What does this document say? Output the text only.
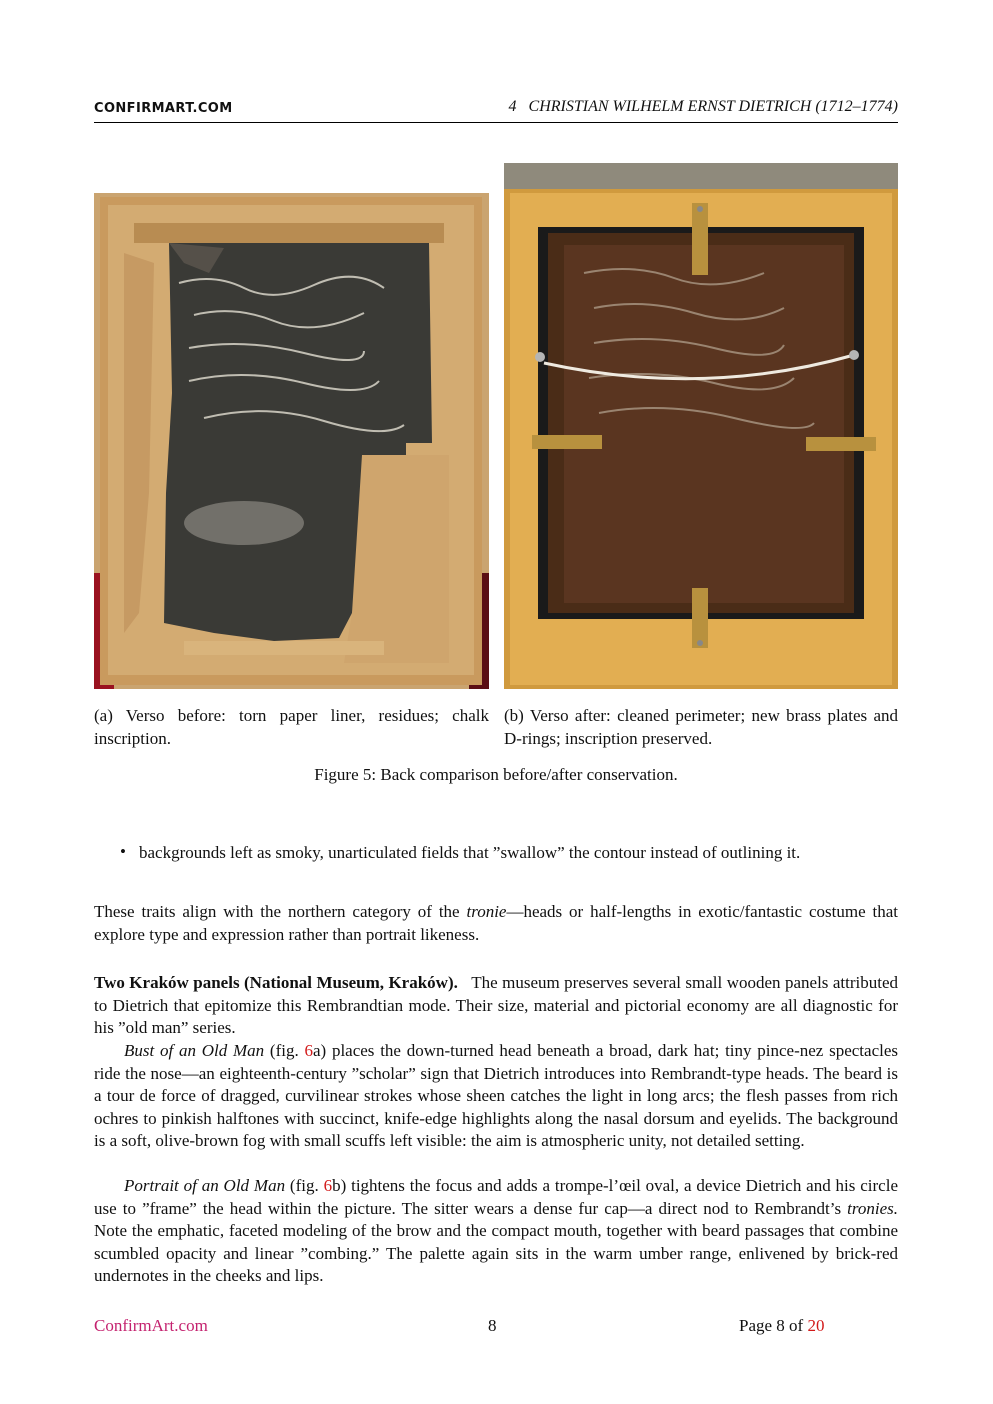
CONFIRMART.COM	4 CHRISTIAN WILHELM ERNST DIETRICH (1712–1774)
(a) Verso before: torn paper liner, residues; chalk inscription.
(b) Verso after: cleaned perimeter; new brass plates and D-rings; inscription preserved.
Figure 5: Back comparison before/after conservation.
• backgrounds left as smoky, unarticulated fields that ”swallow” the contour instead of outlining it.
These traits align with the northern category of the tronie—heads or half-lengths in exotic/fantastic costume that explore type and expression rather than portrait likeness.
Two Kraków panels (National Museum, Kraków). The museum preserves several small wooden panels attributed to Dietrich that epitomize this Rembrandtian mode. Their size, material and pictorial economy are all diagnostic for his ”old man” series.
Bust of an Old Man (fig. 6a) places the down-turned head beneath a broad, dark hat; tiny pince-nez spectacles ride the nose—an eighteenth-century ”scholar” sign that Dietrich introduces into Rembrandt-type heads. The beard is a tour de force of dragged, curvilinear strokes whose sheen catches the light in long arcs; the flesh passes from rich ochres to pinkish halftones with succinct, knife-edge highlights along the nasal dorsum and eyelids. The background is a soft, olive-brown fog with small scuffs left visible: the aim is atmospheric unity, not detailed setting.
Portrait of an Old Man (fig. 6b) tightens the focus and adds a trompe-l’œil oval, a device Dietrich and his circle use to ”frame” the head within the picture. The sitter wears a dense fur cap—a direct nod to Rembrandt’s tronies. Note the emphatic, faceted modeling of the brow and the compact mouth, together with beard passages that combine scumbled opacity and linear ”combing.” The palette again sits in the warm umber range, enlivened by brick-red undernotes in the cheeks and lips.
ConfirmArt.com	8	Page 8 of 20
